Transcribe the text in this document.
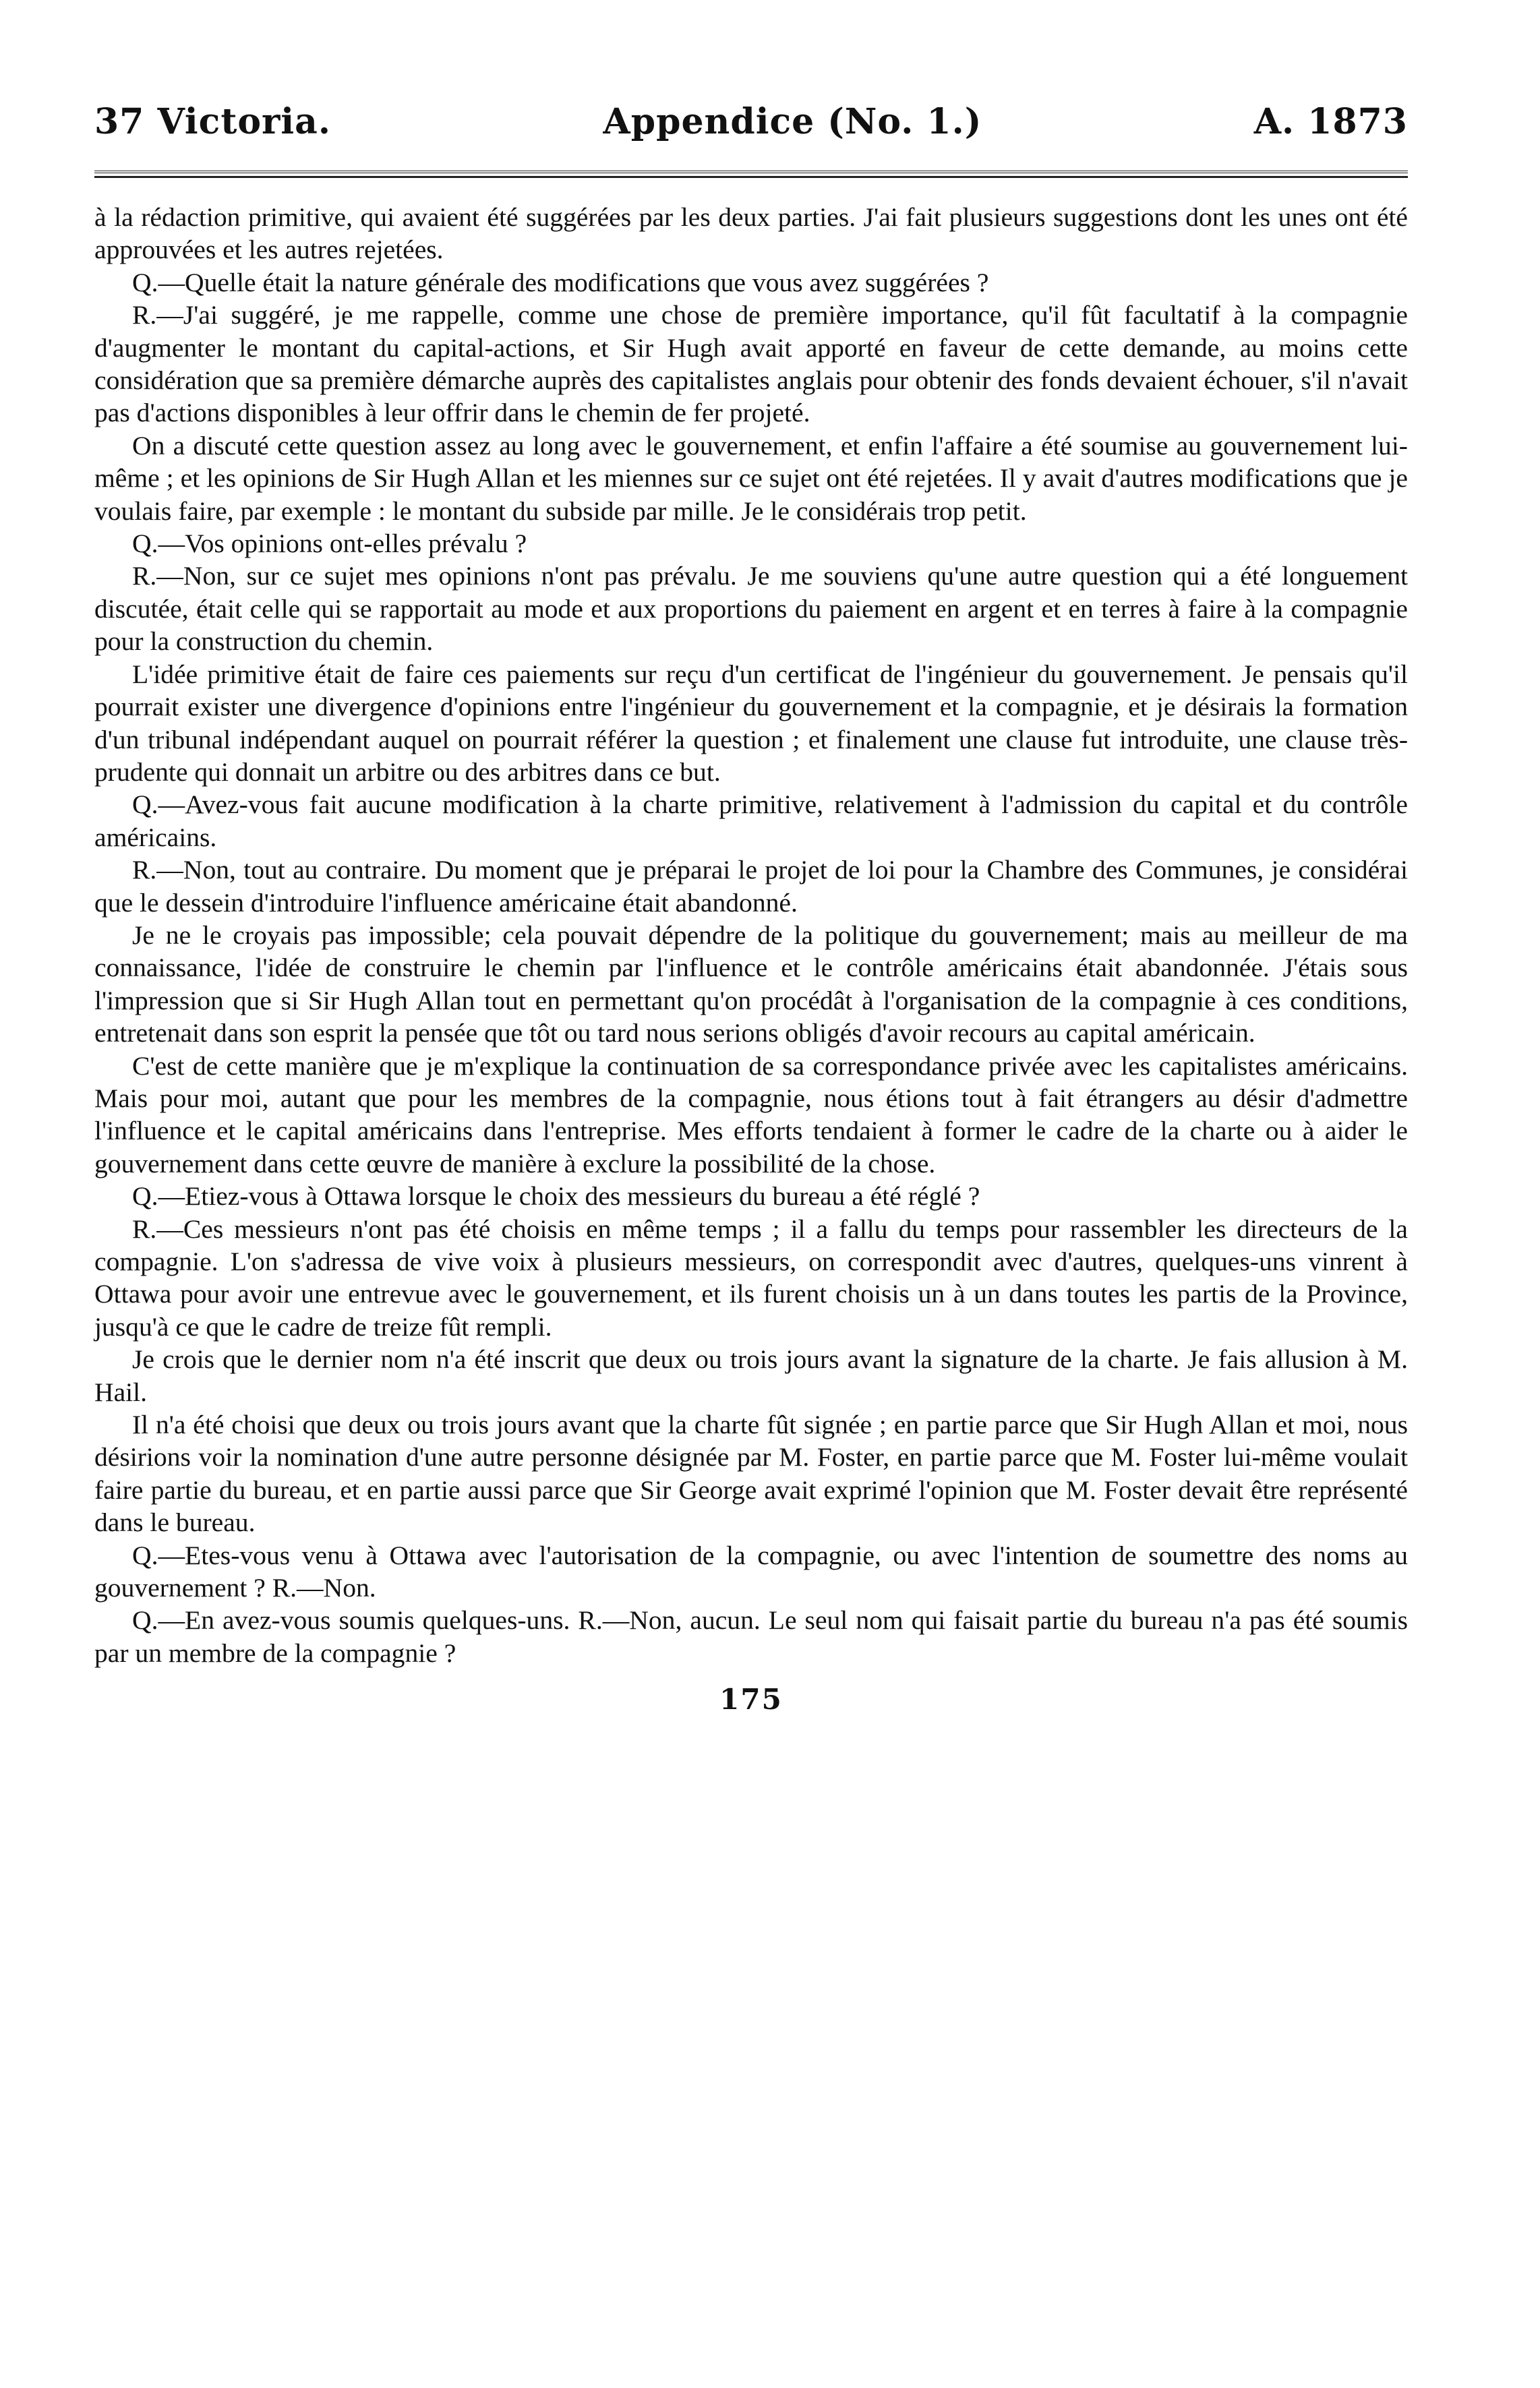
37 Victoria.	Appendice (No. 1.)	A. 1873

à la rédaction primitive, qui avaient été suggérées par les deux parties. J'ai fait plusieurs suggestions dont les unes ont été approuvées et les autres rejetées.

Q.—Quelle était la nature générale des modifications que vous avez suggérées ?

R.—J'ai suggéré, je me rappelle, comme une chose de première importance, qu'il fût facultatif à la compagnie d'augmenter le montant du capital-actions, et Sir Hugh avait apporté en faveur de cette demande, au moins cette considération que sa première démarche auprès des capitalistes anglais pour obtenir des fonds devaient échouer, s'il n'avait pas d'actions disponibles à leur offrir dans le chemin de fer projeté.

On a discuté cette question assez au long avec le gouvernement, et enfin l'affaire a été soumise au gouvernement lui-même ; et les opinions de Sir Hugh Allan et les miennes sur ce sujet ont été rejetées. Il y avait d'autres modifications que je voulais faire, par exemple : le montant du subside par mille. Je le considérais trop petit.

Q.—Vos opinions ont-elles prévalu ?

R.—Non, sur ce sujet mes opinions n'ont pas prévalu. Je me souviens qu'une autre question qui a été longuement discutée, était celle qui se rapportait au mode et aux proportions du paiement en argent et en terres à faire à la compagnie pour la construction du chemin.

L'idée primitive était de faire ces paiements sur reçu d'un certificat de l'ingénieur du gouvernement. Je pensais qu'il pourrait exister une divergence d'opinions entre l'ingénieur du gouvernement et la compagnie, et je désirais la formation d'un tribunal indépendant auquel on pourrait référer la question ; et finalement une clause fut introduite, une clause très-prudente qui donnait un arbitre ou des arbitres dans ce but.

Q.—Avez-vous fait aucune modification à la charte primitive, relativement à l'admission du capital et du contrôle américains.

R.—Non, tout au contraire. Du moment que je préparai le projet de loi pour la Chambre des Communes, je considérai que le dessein d'introduire l'influence américaine était abandonné.

Je ne le croyais pas impossible; cela pouvait dépendre de la politique du gouvernement; mais au meilleur de ma connaissance, l'idée de construire le chemin par l'influence et le contrôle américains était abandonnée. J'étais sous l'impression que si Sir Hugh Allan tout en permettant qu'on procédât à l'organisation de la compagnie à ces conditions, entretenait dans son esprit la pensée que tôt ou tard nous serions obligés d'avoir recours au capital américain.

C'est de cette manière que je m'explique la continuation de sa correspondance privée avec les capitalistes américains. Mais pour moi, autant que pour les membres de la compagnie, nous étions tout à fait étrangers au désir d'admettre l'influence et le capital américains dans l'entreprise. Mes efforts tendaient à former le cadre de la charte ou à aider le gouvernement dans cette œuvre de manière à exclure la possibilité de la chose.

Q.—Etiez-vous à Ottawa lorsque le choix des messieurs du bureau a été réglé ?

R.—Ces messieurs n'ont pas été choisis en même temps ; il a fallu du temps pour rassembler les directeurs de la compagnie. L'on s'adressa de vive voix à plusieurs messieurs, on correspondit avec d'autres, quelques-uns vinrent à Ottawa pour avoir une entrevue avec le gouvernement, et ils furent choisis un à un dans toutes les partis de la Province, jusqu'à ce que le cadre de treize fût rempli.

Je crois que le dernier nom n'a été inscrit que deux ou trois jours avant la signature de la charte. Je fais allusion à M. Hail.

Il n'a été choisi que deux ou trois jours avant que la charte fût signée ; en partie parce que Sir Hugh Allan et moi, nous désirions voir la nomination d'une autre personne désignée par M. Foster, en partie parce que M. Foster lui-même voulait faire partie du bureau, et en partie aussi parce que Sir George avait exprimé l'opinion que M. Foster devait être représenté dans le bureau.

Q.—Etes-vous venu à Ottawa avec l'autorisation de la compagnie, ou avec l'intention de soumettre des noms au gouvernement ? R.—Non.

Q.—En avez-vous soumis quelques-uns. R.—Non, aucun. Le seul nom qui faisait partie du bureau n'a pas été soumis par un membre de la compagnie ?

175
